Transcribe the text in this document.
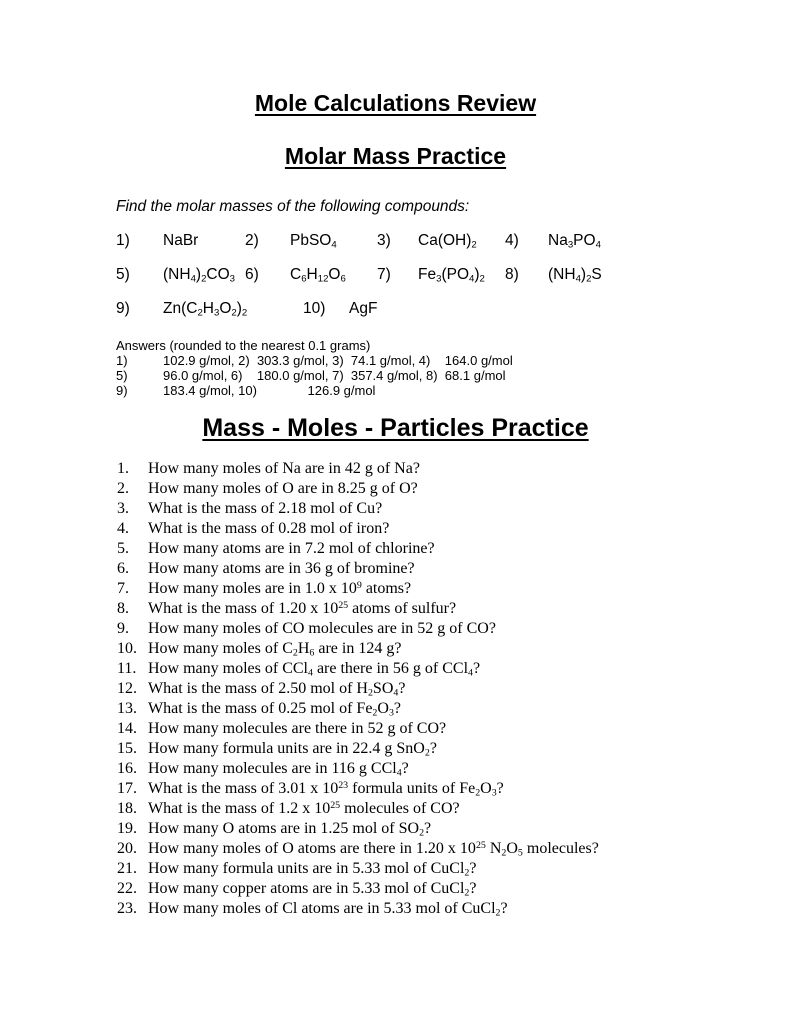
Mole Calculations Review
Molar Mass Practice

Find the molar masses of the following compounds:

1)	NaBr	2)	PbSO$_4$	3)	$Ca(OH)_2$	4)	$Na_3PO_4$
5)	$(NH_4)_2CO_3$ 6)	$C_6H_{12}O_6$	7)	$Fe_3(PO_4)_2$	8)	$(NH_4)_2S$
9)	$Zn(C_2H_3O_2)_2$	10)	AgF
Answers (rounded to the nearest 0.1 grams)
1)	102.9 g/mol, 2)  303.3 g/mol, 3)  74.1 g/mol, 4)    164.0 g/mol
5)	96.0 g/mol, 6)    180.0 g/mol, 7)  357.4 g/mol, 8)  68.1 g/mol
9)	183.4 g/mol, 10)              126.9 g/mol
Mass - Moles - Particles Practice
1.	How many moles of Na are in 42 g of Na?
2.	How many moles of O are in 8.25 g of O?
3.	What is the mass of 2.18 mol of Cu?
4.	What is the mass of 0.28 mol of iron?
5.	How many atoms are in 7.2 mol of chlorine?
6.	How many atoms are in 36 g of bromine?
7.	How many moles are in 1.0 x $10^9$ atoms?
8.	What is the mass of 1.20 x $10^{25}$ atoms of sulfur?
9.	How many moles of CO molecules are in 52 g of CO?
10. How many moles of $C_2H_6$ are in 124 g?
11. How many moles of CCl$_4$ are there in 56 g of CCl$_4$?
12. What is the mass of 2.50 mol of $H_2SO_4$?
13. What is the mass of 0.25 mol of $Fe_2O_3$?
14. How many molecules are there in 52 g of CO?
15. How many formula units are in 22.4 g SnO$_2$?
16. How many molecules are in 116 g CCl$_4$?
17. What is the mass of 3.01 x $10^{23}$ formula units of $Fe_2O_3$?
18. What is the mass of 1.2 x $10^{25}$ molecules of CO?
19. How many O atoms are in 1.25 mol of $SO_2$?
20. How many moles of O atoms are there in 1.20 x $10^{25}$ $N_2O_5$ molecules?
21. How many formula units are in 5.33 mol of CuCl$_2$?
22. How many copper atoms are in 5.33 mol of CuCl$_2$?
23. How many moles of Cl atoms are in 5.33 mol of CuCl$_2$?
